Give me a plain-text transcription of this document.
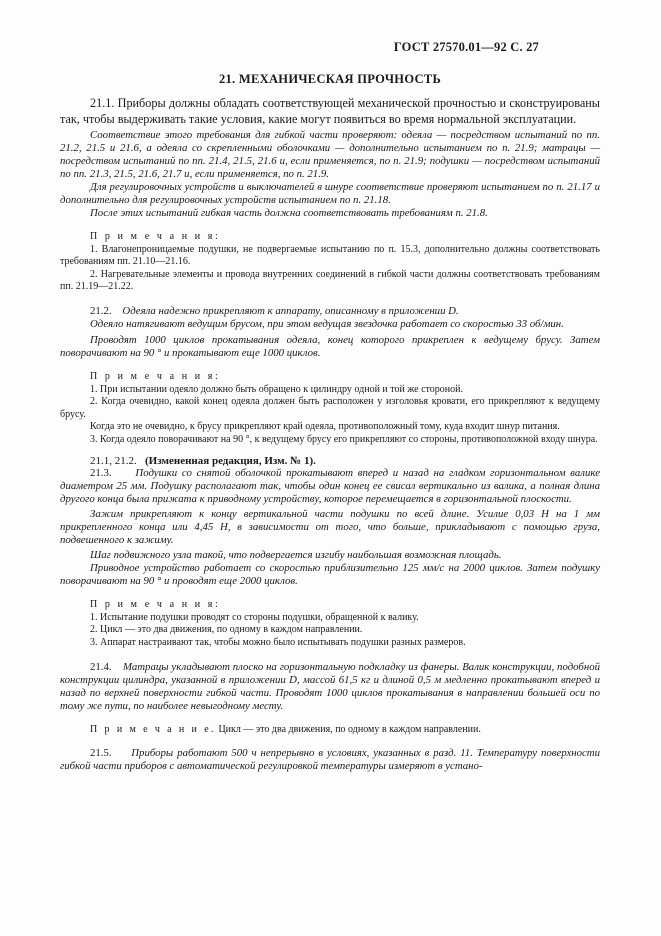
ГОСТ 27570.01—92 С. 27
21. МЕХАНИЧЕСКАЯ ПРОЧНОСТЬ

21.1. Приборы должны обладать соответствующей механической прочностью и сконструированы так, чтобы выдерживать такие условия, какие могут появиться во время нормальной эксплуатации.

Соответствие этого требования для гибкой части проверяют: одеяла — посредством испытаний по пп. 21.2, 21.5 и 21.6, а одеяла со скрепленными оболочками — дополнительно испытанием по п. 21.9; матрацы — посредством испытаний по пп. 21.4, 21.5, 21.6 и, если применяется, по п. 21.9; подушки — посредством испытаний по пп. 21.3, 21.5, 21.6, 21.7 и, если применяется, по п. 21.9.

Для регулировочных устройств и выключателей в шнуре соответствие проверяют испытанием по п. 21.17 и дополнительно для регулировочных устройств испытанием по п. 21.18.

После этих испытаний гибкая часть должна соответствовать требованиям п. 21.8.

П р и м е ч а н и я:

1. Влагонепроницаемые подушки, не подвергаемые испытанию по п. 15.3, дополнительно должны соответствовать требованиям пп. 21.10—21.16.

2. Нагревательные элементы и провода внутренних соединений в гибкой части должны соответствовать требованиям пп. 21.19—21.22.

21.2. Одеяла надежно прикрепляют к аппарату, описанному в приложении D.

Одеяло натягивают ведущим брусом, при этом ведущая звездочка работает со скоростью 33 об/мин.

Проводят 1000 циклов прокатывания одеяла, конец которого прикреплен к ведущему брусу. Затем поворачивают на 90 ° и прокатывают еще 1000 циклов.

П р и м е ч а н и я:

1. При испытании одеяло должно быть обращено к цилиндру одной и той же стороной.

2. Когда очевидно, какой конец одеяла должен быть расположен у изголовья кровати, его прикрепляют к ведущему брусу.

Когда это не очевидно, к брусу прикрепляют край одеяла, противоположный тому, куда входит шнур питания.

3. Когда одеяло поворачивают на 90 °, к ведущему брусу его прикрепляют со стороны, противоположной входу шнура.

21.1, 21.2. (Измененная редакция, Изм. № 1).

21.3. Подушки со снятой оболочкой прокатывают вперед и назад на гладком горизонтальном валике диаметром 25 мм. Подушку располагают так, чтобы один конец ее свисал вертикально из валика, а полная длина другого конца была прижата к приводному устройству, которое перемещается в горизонтальной плоскости.

Зажим прикрепляют к концу вертикальной части подушки по всей длине. Усилие 0,03 Н на 1 мм прикрепленного конца или 4,45 Н, в зависимости от того, что больше, прикладывают с помощью груза, подвешенного к зажиму.

Шаг подвижного узла такой, что подвергается изгибу наибольшая возможная площадь.

Приводное устройство работает со скоростью приблизительно 125 мм/с на 2000 циклов. Затем подушку поворачивают на 90 ° и проводят еще 2000 циклов.

П р и м е ч а н и я:

1. Испытание подушки проводят со стороны подушки, обращенной к валику.

2. Цикл — это два движения, по одному в каждом направлении.

3. Аппарат настраивают так, чтобы можно было испытывать подушки разных размеров.

21.4. Матрацы укладывают плоско на горизонтальную подкладку из фанеры. Валик конструкции, подобной конструкции цилиндра, указанной в приложении D, массой 61,5 кг и длиной 0,5 м медленно прокатывают вперед и назад по верхней поверхности гибкой части. Проводят 1000 циклов прокатывания в направлении большей оси по тому же пути, по наиболее невыгодному месту.

П р и м е ч а н и е. Цикл — это два движения, по одному в каждом направлении.

21.5. Приборы работают 500 ч непрерывно в условиях, указанных в разд. 11. Температуру поверхности гибкой части приборов с автоматической регулировкой температуры измеряют в устано-
